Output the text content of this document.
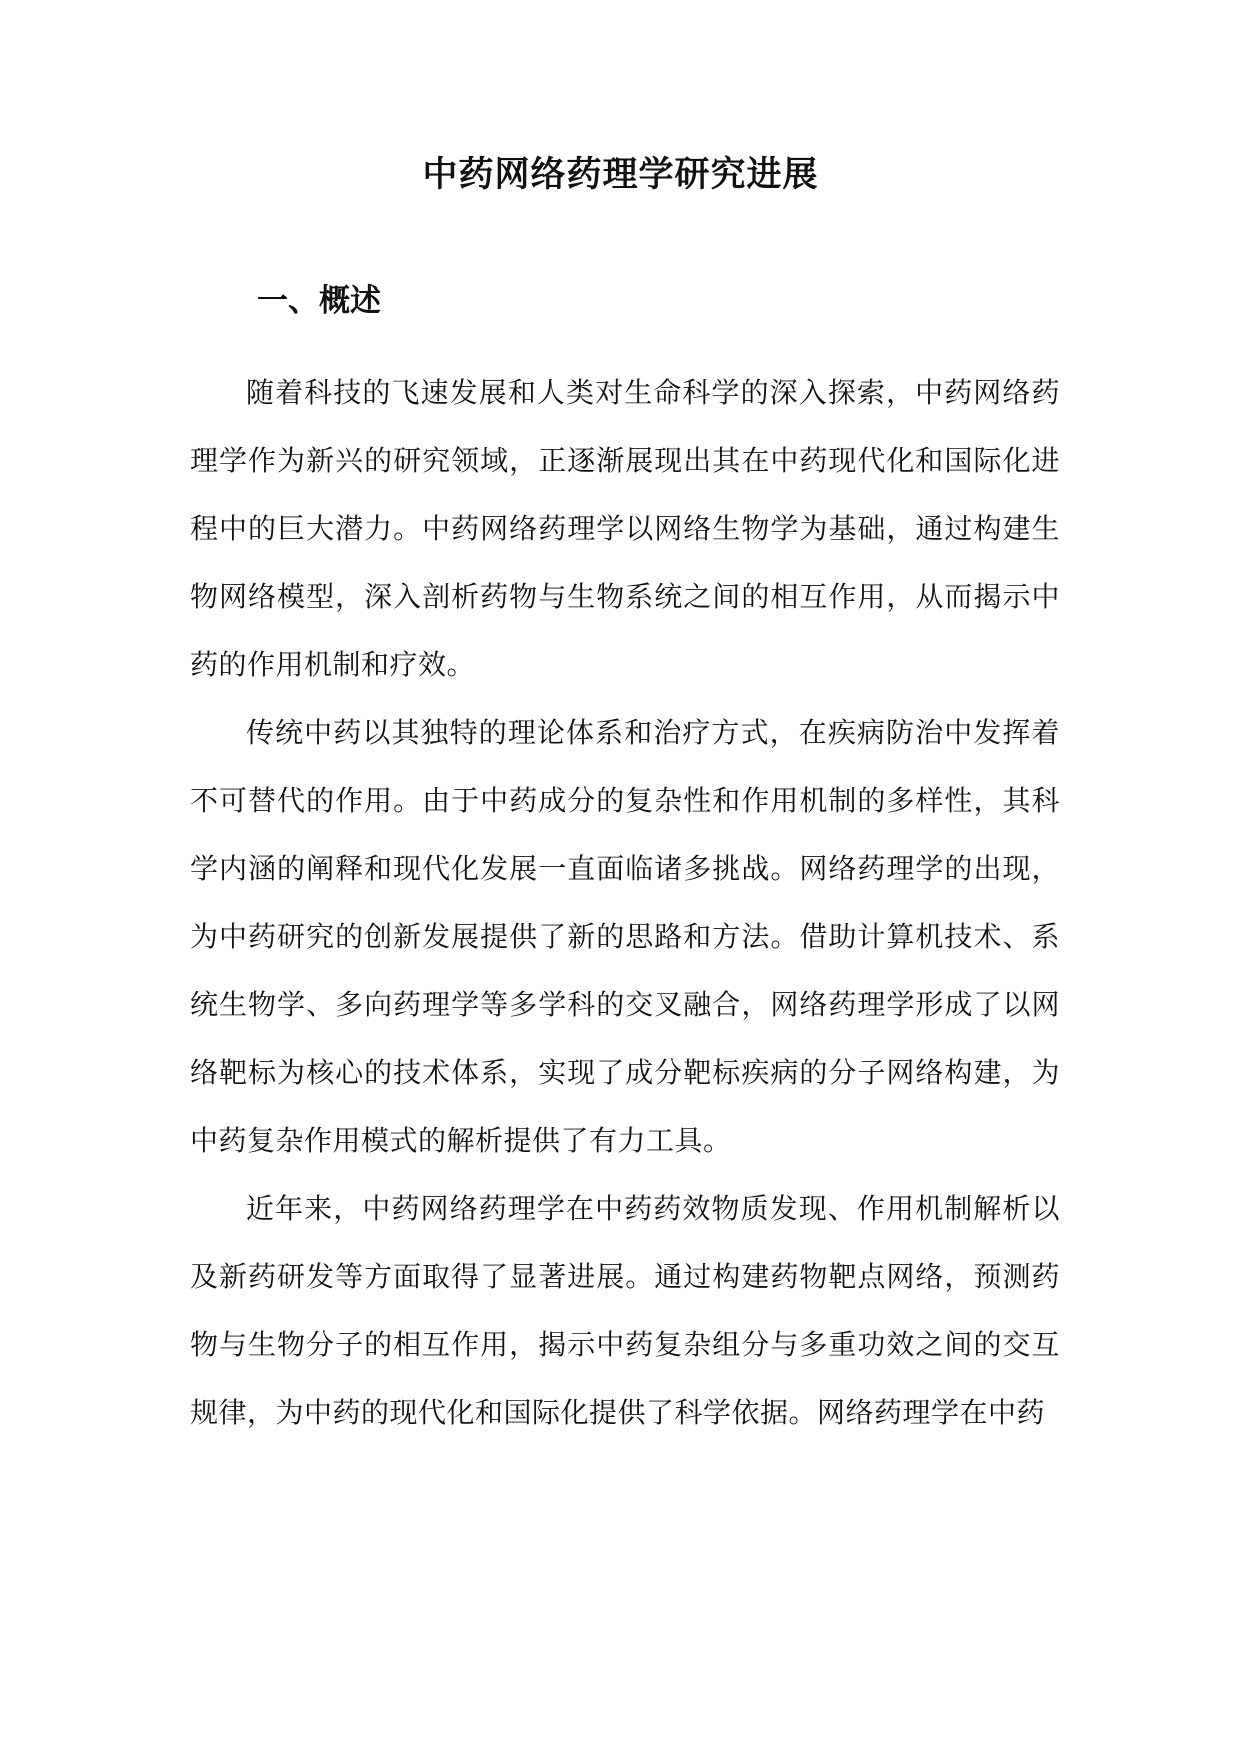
中药网络药理学研究进展
一、概述

随着科技的飞速发展和人类对生命科学的深入探索，中药网络药理学作为新兴的研究领域，正逐渐展现出其在中药现代化和国际化进程中的巨大潜力。中药网络药理学以网络生物学为基础，通过构建生物网络模型，深入剖析药物与生物系统之间的相互作用，从而揭示中药的作用机制和疗效。

传统中药以其独特的理论体系和治疗方式，在疾病防治中发挥着不可替代的作用。由于中药成分的复杂性和作用机制的多样性，其科学内涵的阐释和现代化发展一直面临诸多挑战。网络药理学的出现，为中药研究的创新发展提供了新的思路和方法。借助计算机技术、系统生物学、多向药理学等多学科的交叉融合，网络药理学形成了以网络靶标为核心的技术体系，实现了成分靶标疾病的分子网络构建，为中药复杂作用模式的解析提供了有力工具。

近年来，中药网络药理学在中药药效物质发现、作用机制解析以及新药研发等方面取得了显著进展。通过构建药物靶点网络，预测药物与生物分子的相互作用，揭示中药复杂组分与多重功效之间的交互规律，为中药的现代化和国际化提供了科学依据。网络药理学在中药
